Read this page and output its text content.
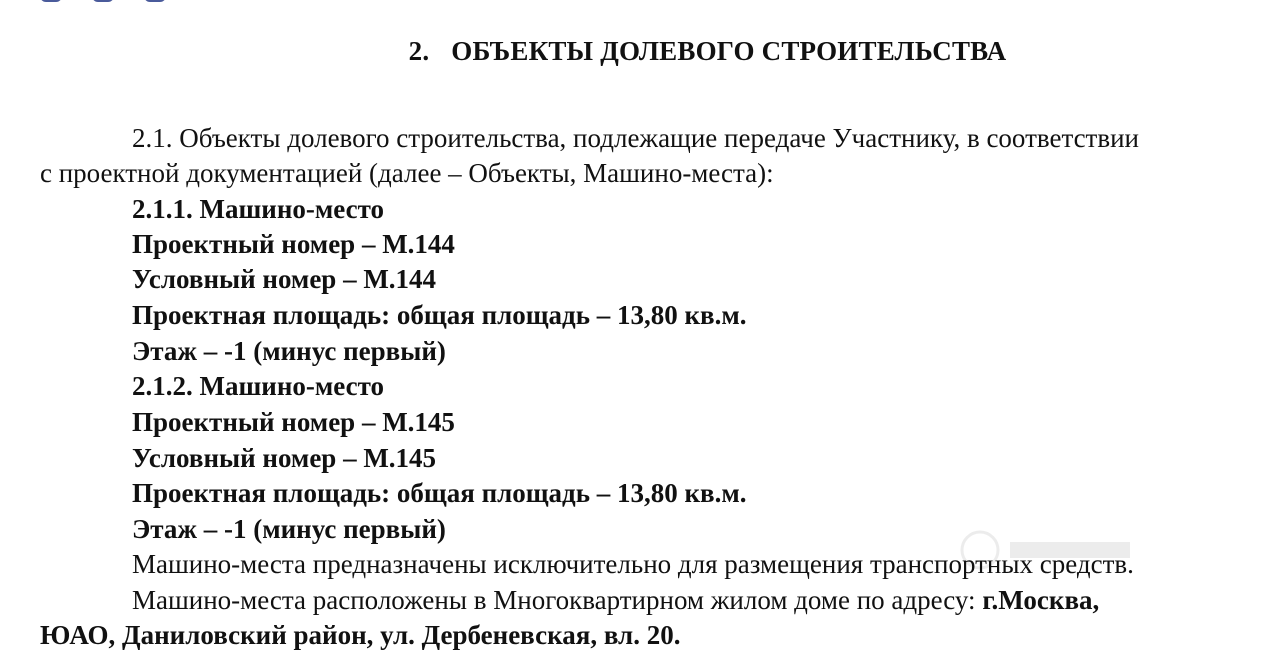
2. ОБЪЕКТЫ ДОЛЕВОГО СТРОИТЕЛЬСТВА
2.1. Объекты долевого строительства, подлежащие передаче Участнику, в соответствии
с проектной документацией (далее – Объекты, Машино-места):
2.1.1. Машино-место
Проектный номер – М.144
Условный номер – М.144
Проектная площадь: общая площадь – 13,80 кв.м.
Этаж – -1 (минус первый)
2.1.2. Машино-место
Проектный номер – М.145
Условный номер – М.145
Проектная площадь: общая площадь – 13,80 кв.м.
Этаж – -1 (минус первый)
Машино-места предназначены исключительно для размещения транспортных средств.
Машино-места расположены в Многоквартирном жилом доме по адресу: г.Москва,
ЮАО, Даниловский район, ул. Дербеневская, вл. 20.
